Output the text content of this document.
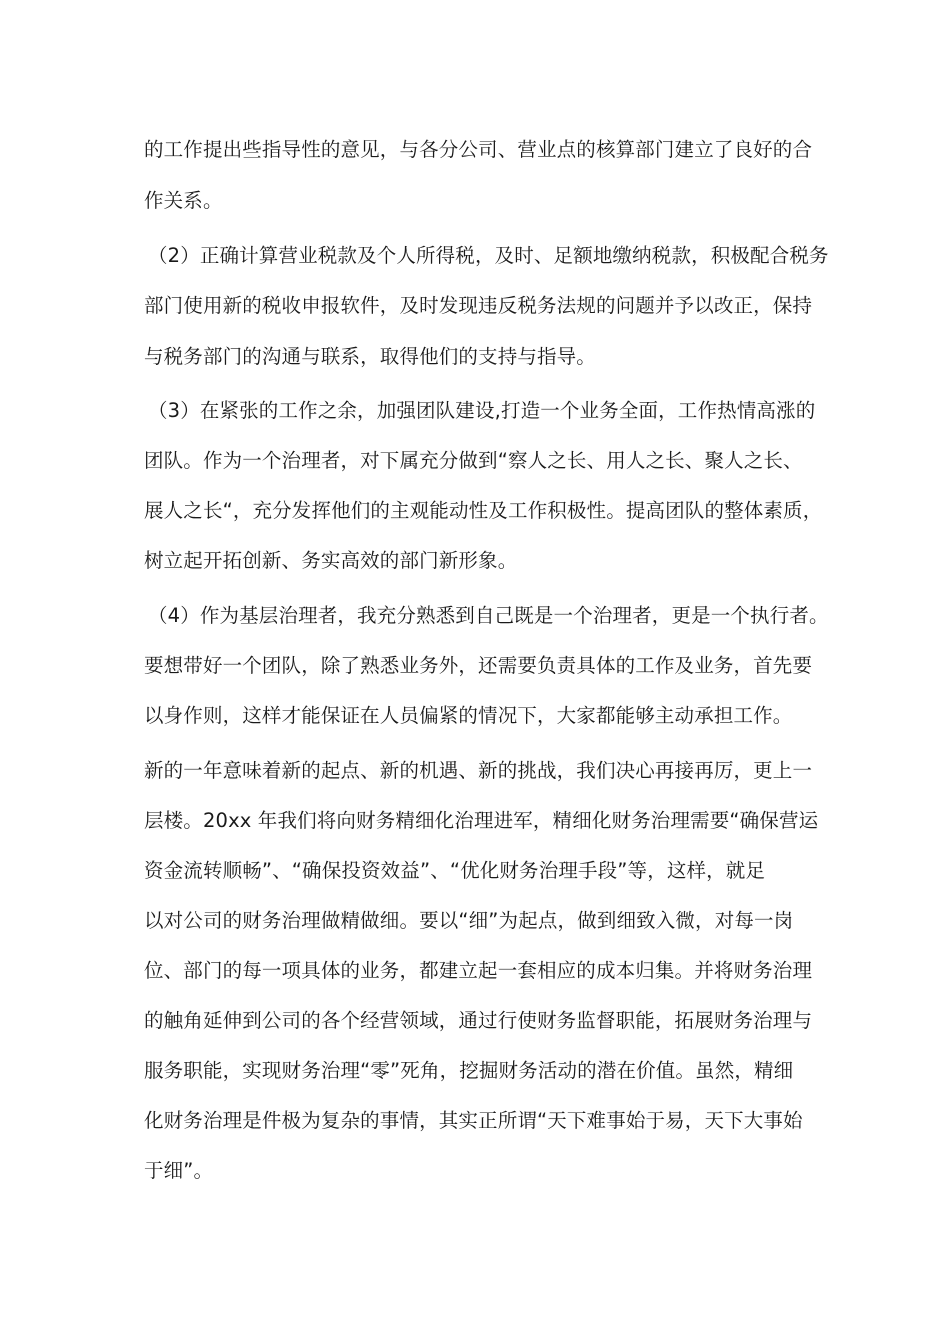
的工作提出些指导性的意见，与各分公司、营业点的核算部门建立了良好的合
作关系。
（2）正确计算营业税款及个人所得税，及时、足额地缴纳税款，积极配合税务
部门使用新的税收申报软件，及时发现违反税务法规的问题并予以改正，保持
与税务部门的沟通与联系，取得他们的支持与指导。
（3）在紧张的工作之余，加强团队建设,打造一个业务全面，工作热情高涨的
团队。作为一个治理者，对下属充分做到“察人之长、用人之长、聚人之长、
展人之长“，充分发挥他们的主观能动性及工作积极性。提高团队的整体素质，
树立起开拓创新、务实高效的部门新形象。
（4）作为基层治理者，我充分熟悉到自己既是一个治理者，更是一个执行者。
要想带好一个团队，除了熟悉业务外，还需要负责具体的工作及业务，首先要
以身作则，这样才能保证在人员偏紧的情况下，大家都能够主动承担工作。
新的一年意味着新的起点、新的机遇、新的挑战，我们决心再接再厉，更上一
层楼。20xx 年我们将向财务精细化治理进军，精细化财务治理需要“确保营运
资金流转顺畅”、“确保投资效益”、“优化财务治理手段”等，这样，就足
以对公司的财务治理做精做细。要以“细”为起点，做到细致入微，对每一岗
位、部门的每一项具体的业务，都建立起一套相应的成本归集。并将财务治理
的触角延伸到公司的各个经营领域，通过行使财务监督职能，拓展财务治理与
服务职能，实现财务治理“零”死角，挖掘财务活动的潜在价值。虽然，精细
化财务治理是件极为复杂的事情，其实正所谓“天下难事始于易，天下大事始
于细”。
